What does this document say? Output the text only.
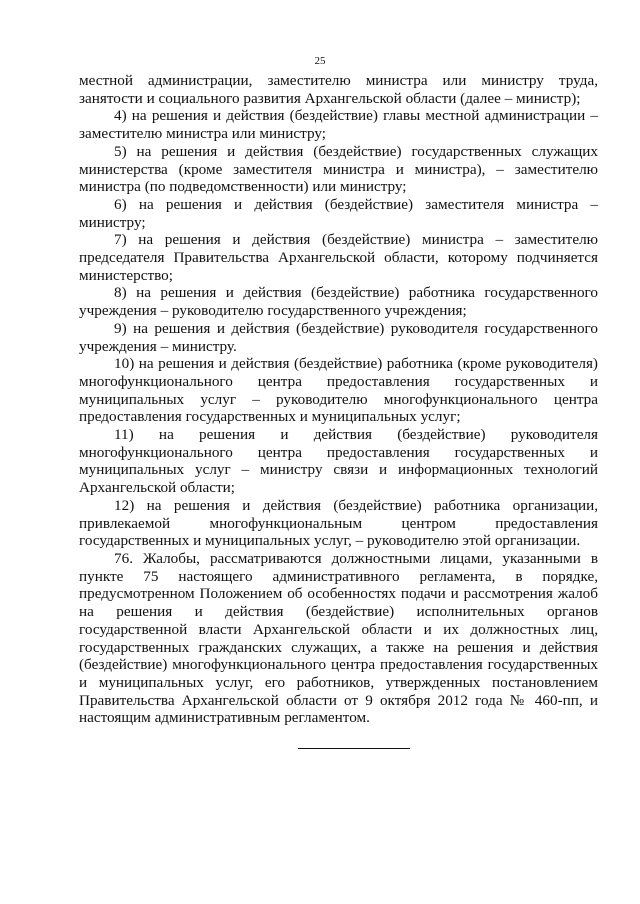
25

местной администрации, заместителю министра или министру труда, занятости и социального развития Архангельской области (далее – министр);

4) на решения и действия (бездействие) главы местной администрации – заместителю министра или министру;

5) на решения и действия (бездействие) государственных служащих министерства (кроме заместителя министра и министра), – заместителю министра (по подведомственности) или министру;

6) на решения и действия (бездействие) заместителя министра – министру;

7) на решения и действия (бездействие) министра – заместителю председателя Правительства Архангельской области, которому подчиняется министерство;

8) на решения и действия (бездействие) работника государственного учреждения – руководителю государственного учреждения;

9) на решения и действия (бездействие) руководителя государственного учреждения – министру.

10) на решения и действия (бездействие) работника (кроме руководителя) многофункционального центра предоставления государственных и муниципальных услуг – руководителю многофункционального центра предоставления государственных и муниципальных услуг;

11) на решения и действия (бездействие) руководителя многофункционального центра предоставления государственных и муниципальных услуг – министру связи и информационных технологий Архангельской области;

12) на решения и действия (бездействие) работника организации, привлекаемой многофункциональным центром предоставления государственных и муниципальных услуг, – руководителю этой организации.

76. Жалобы, рассматриваются должностными лицами, указанными в пункте 75 настоящего административного регламента, в порядке, предусмотренном Положением об особенностях подачи и рассмотрения жалоб на решения и действия (бездействие) исполнительных органов государственной власти Архангельской области и их должностных лиц, государственных гражданских служащих, а также на решения и действия (бездействие) многофункционального центра предоставления государственных и муниципальных услуг, его работников, утвержденных постановлением Правительства Архангельской области от 9 октября 2012 года № 460-пп, и настоящим административным регламентом.
